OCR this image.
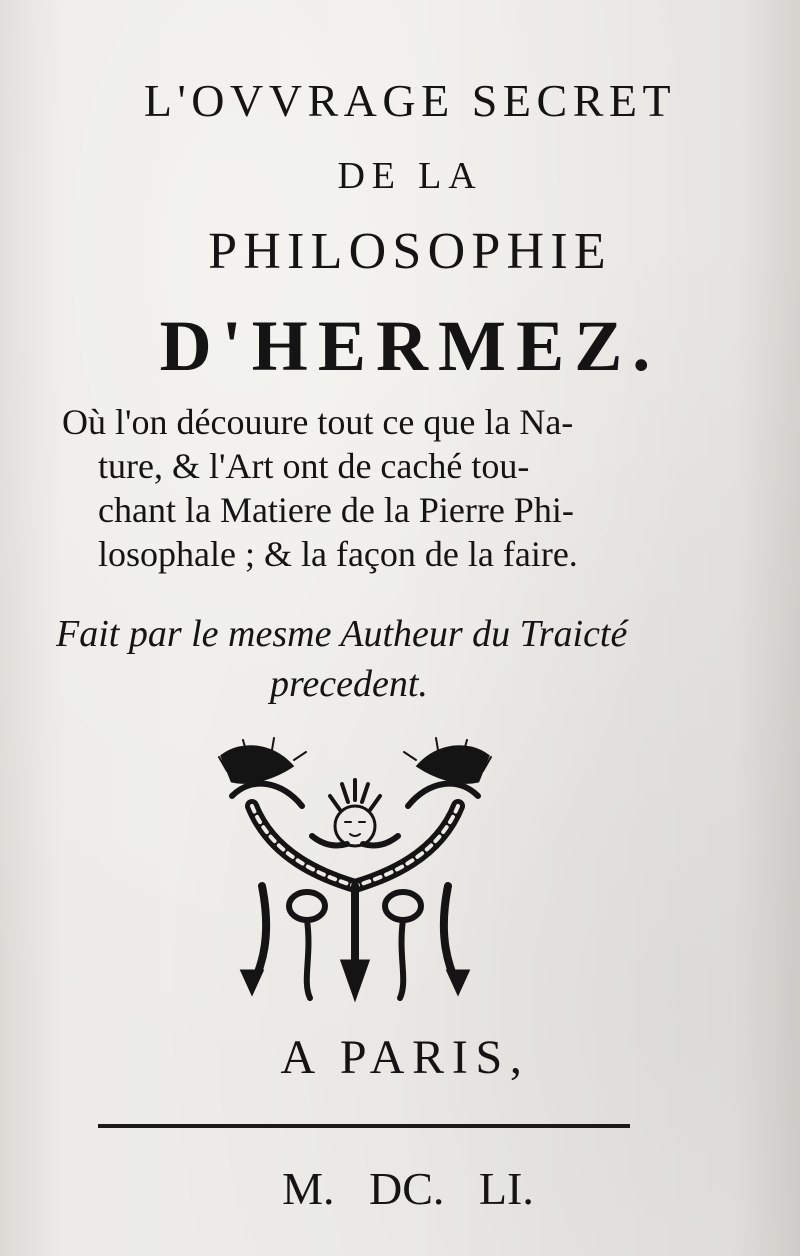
L'OVVRAGE SECRET
DE LA
PHILOSOPHIE
D'HERMEZ.
Où l'on découure tout ce que la Na-
ture, & l'Art ont de caché tou-
chant la Matiere de la Pierre Phi-
losophale ; & la façon de la faire.
Fait par le mesme Autheur du Traicté
precedent.
A PARIS,
M. DC. LI.
